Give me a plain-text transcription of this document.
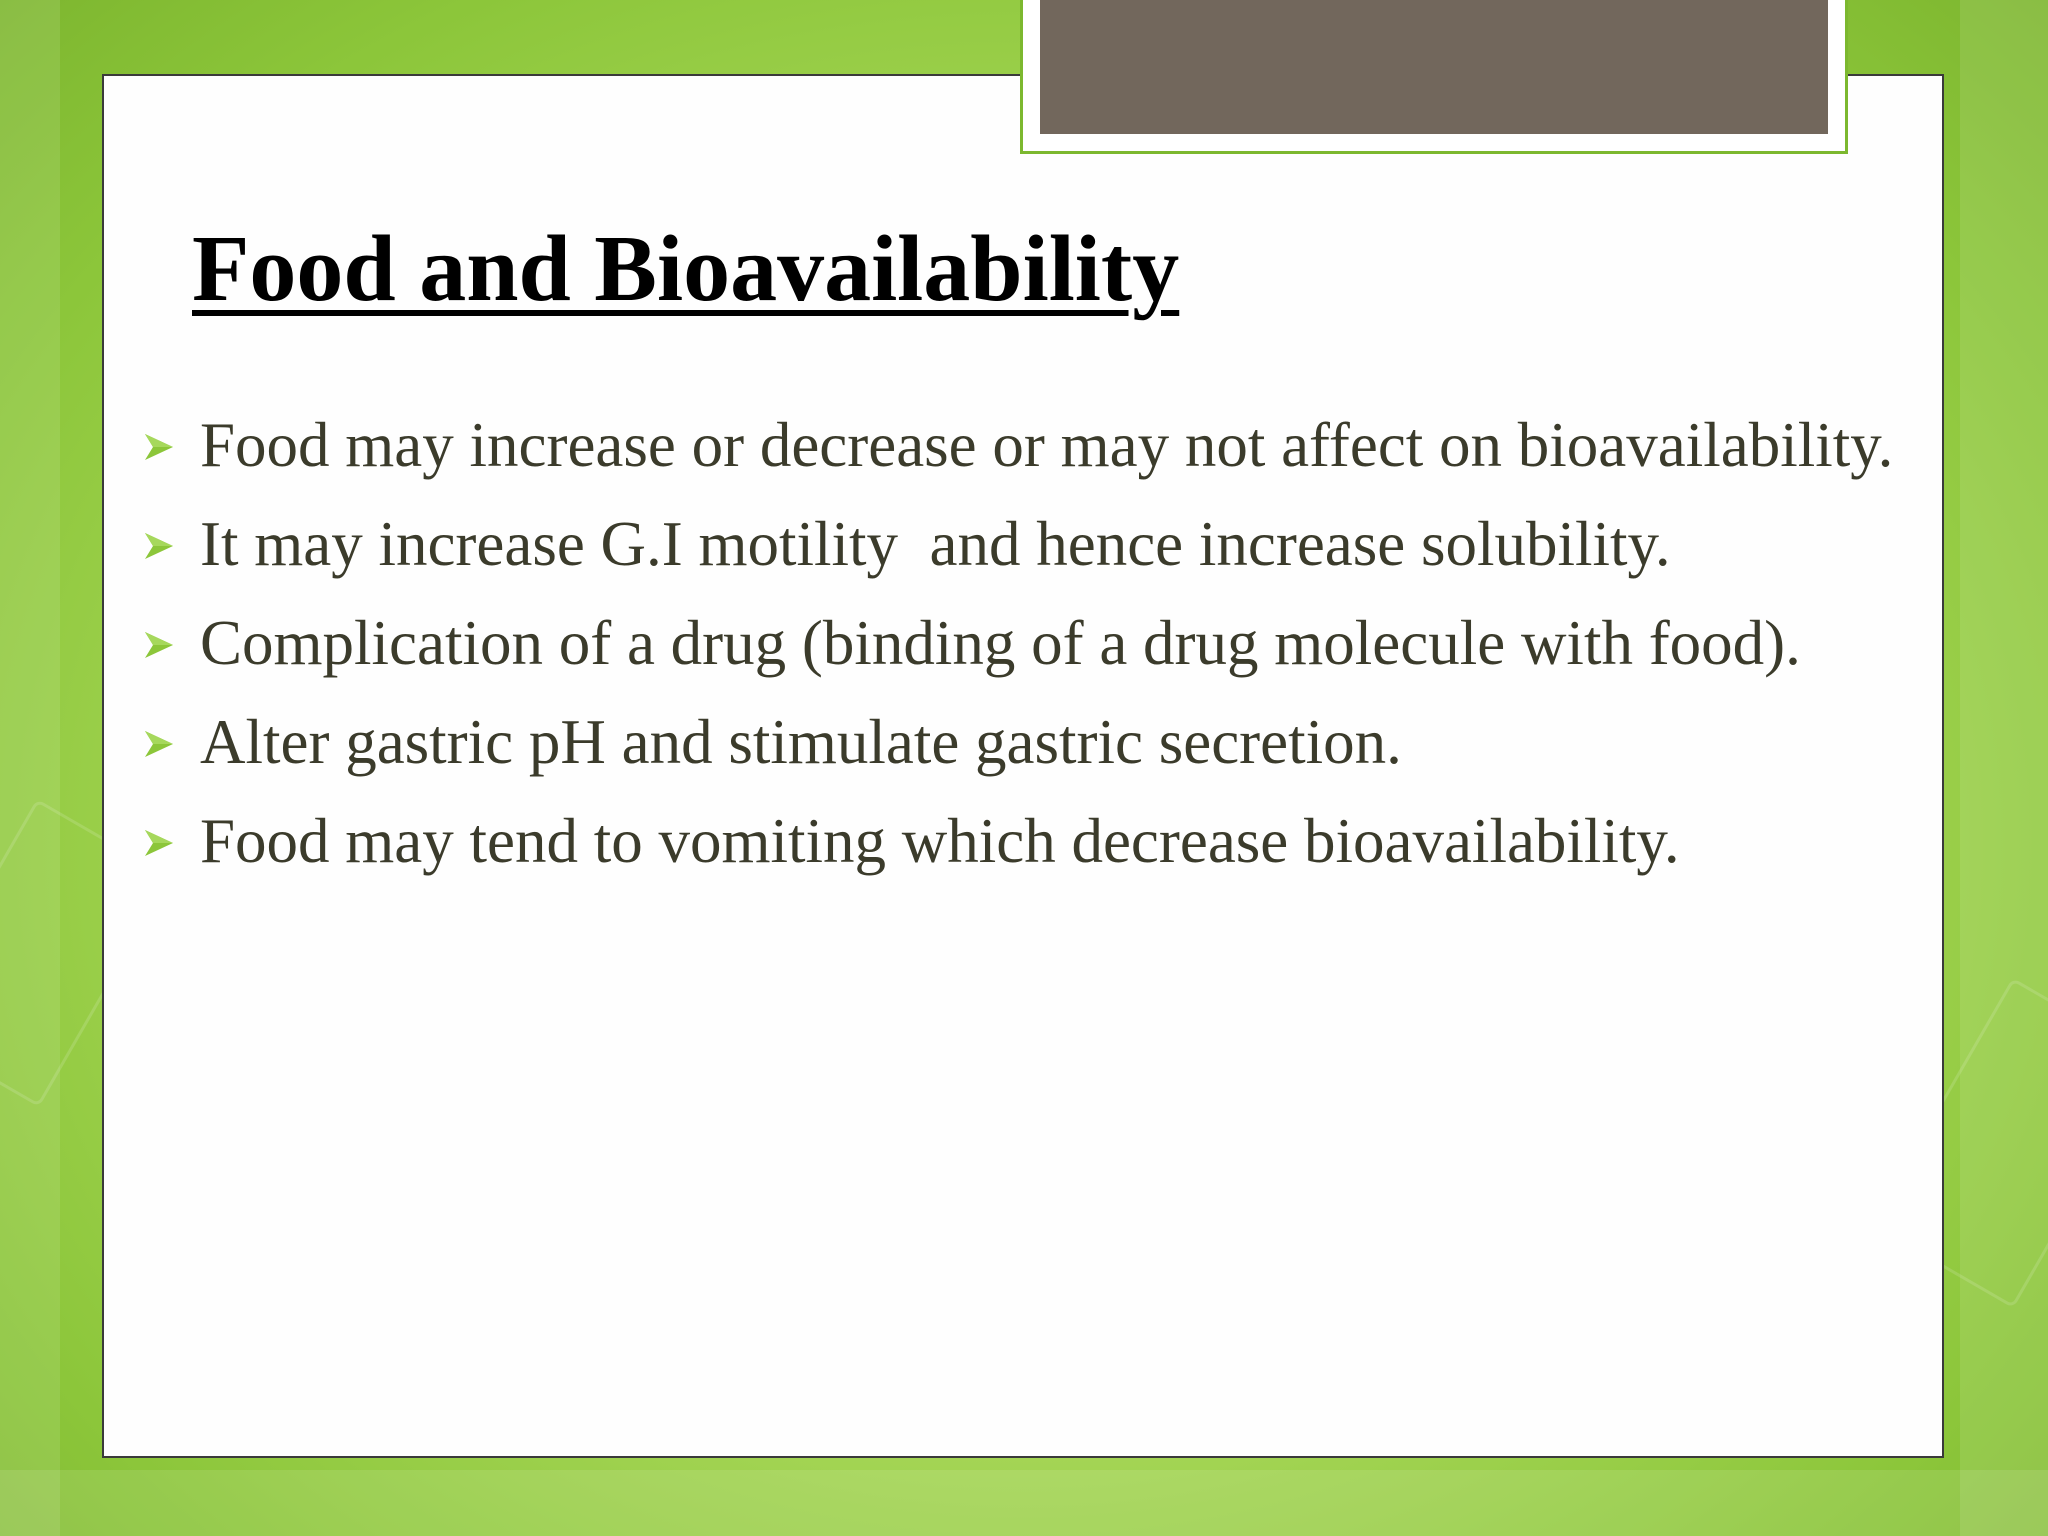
Food and Bioavailability
Food may increase or decrease or may not affect on bioavailability.
It may increase G.I motility  and hence increase solubility.
Complication of a drug (binding of a drug molecule with food).
Alter gastric pH and stimulate gastric secretion.
Food may tend to vomiting which decrease bioavailability.
